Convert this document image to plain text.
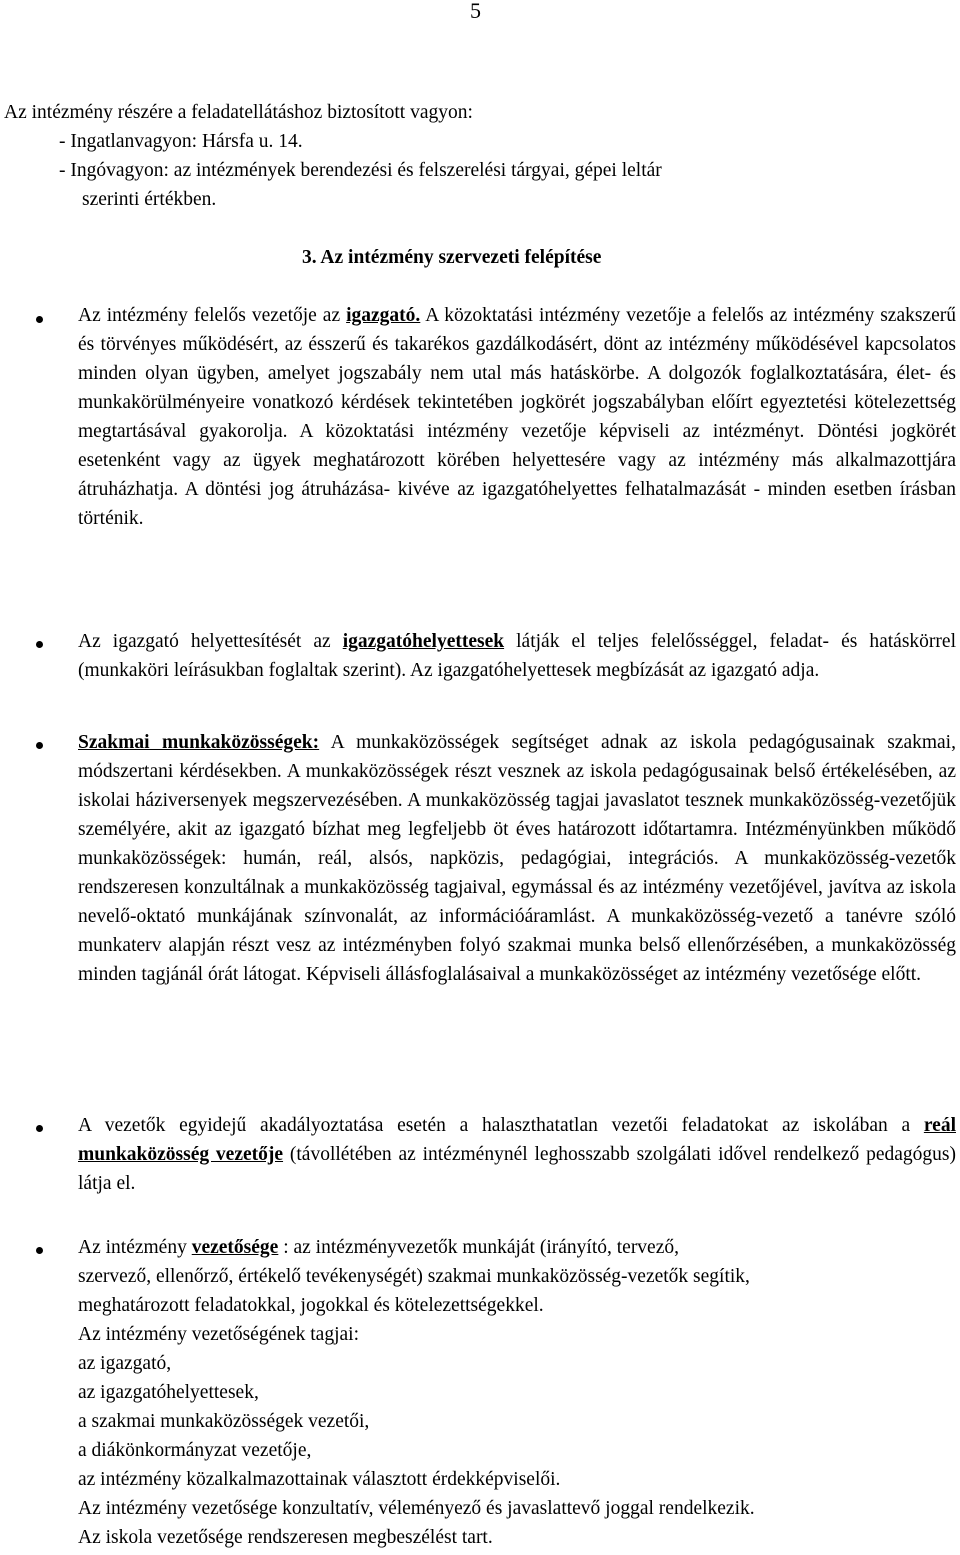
5
Az intézmény részére a feladatellátáshoz biztosított vagyon:
- Ingatlanvagyon: Hársfa u. 14.
- Ingóvagyon: az intézmények berendezési és felszerelési tárgyai, gépei leltár
szerinti értékben.
3. Az intézmény szervezeti felépítése
Az intézmény felelős vezetője az igazgató. A közoktatási intézmény vezetője a felelős az intézmény szakszerű és törvényes működésért, az ésszerű és takarékos gazdálkodásért, dönt az intézmény működésével kapcsolatos minden olyan ügyben, amelyet jogszabály nem utal más hatáskörbe. A dolgozók foglalkoztatására, élet- és munkakörülményeire vonatkozó kérdések tekintetében jogkörét jogszabályban előírt egyeztetési kötelezettség megtartásával gyakorolja. A közoktatási intézmény vezetője képviseli az intézményt. Döntési jogkörét esetenként vagy az ügyek meghatározott körében helyettesére vagy az intézmény más alkalmazottjára átruházhatja. A döntési jog átruházása- kivéve az igazgatóhelyettes felhatalmazását - minden esetben írásban történik.
Az igazgató helyettesítését az igazgatóhelyettesek látják el teljes felelősséggel, feladat- és hatáskörrel (munkaköri leírásukban foglaltak szerint). Az igazgatóhelyettesek megbízását az igazgató adja.
Szakmai munkaközösségek: A munkaközösségek segítséget adnak az iskola pedagógusainak szakmai, módszertani kérdésekben. A munkaközösségek részt vesznek az iskola pedagógusainak belső értékelésében, az iskolai háziversenyek megszervezésében. A munkaközösség tagjai javaslatot tesznek munkaközösség-vezetőjük személyére, akit az igazgató bízhat meg legfeljebb öt éves határozott időtartamra. Intézményünkben működő munkaközösségek: humán, reál, alsós, napközis, pedagógiai, integrációs. A munkaközösség-vezetők rendszeresen konzultálnak a munkaközösség tagjaival, egymással és az intézmény vezetőjével, javítva az iskola nevelő-oktató munkájának színvonalát, az információáramlást. A munkaközösség-vezető a tanévre szóló munkaterv alapján részt vesz az intézményben folyó szakmai munka belső ellenőrzésében, a munkaközösség minden tagjánál órát látogat. Képviseli állásfoglalásaival a munkaközösséget az intézmény vezetősége előtt.
A vezetők egyidejű akadályoztatása esetén a halaszthatatlan vezetői feladatokat az iskolában a reál munkaközösség vezetője (távollétében az intézménynél leghosszabb szolgálati idővel rendelkező pedagógus) látja el.
Az intézmény vezetősége : az intézményvezetők munkáját (irányító, tervező,
szervező, ellenőrző, értékelő tevékenységét) szakmai munkaközösség-vezetők segítik,
meghatározott feladatokkal, jogokkal és kötelezettségekkel.
Az intézmény vezetőségének tagjai:
az igazgató,
az igazgatóhelyettesek,
a szakmai munkaközösségek vezetői,
a diákönkormányzat vezetője,
az intézmény közalkalmazottainak választott érdekképviselői.
Az intézmény vezetősége konzultatív, véleményező és javaslattevő joggal rendelkezik.
Az iskola vezetősége rendszeresen megbeszélést tart.
